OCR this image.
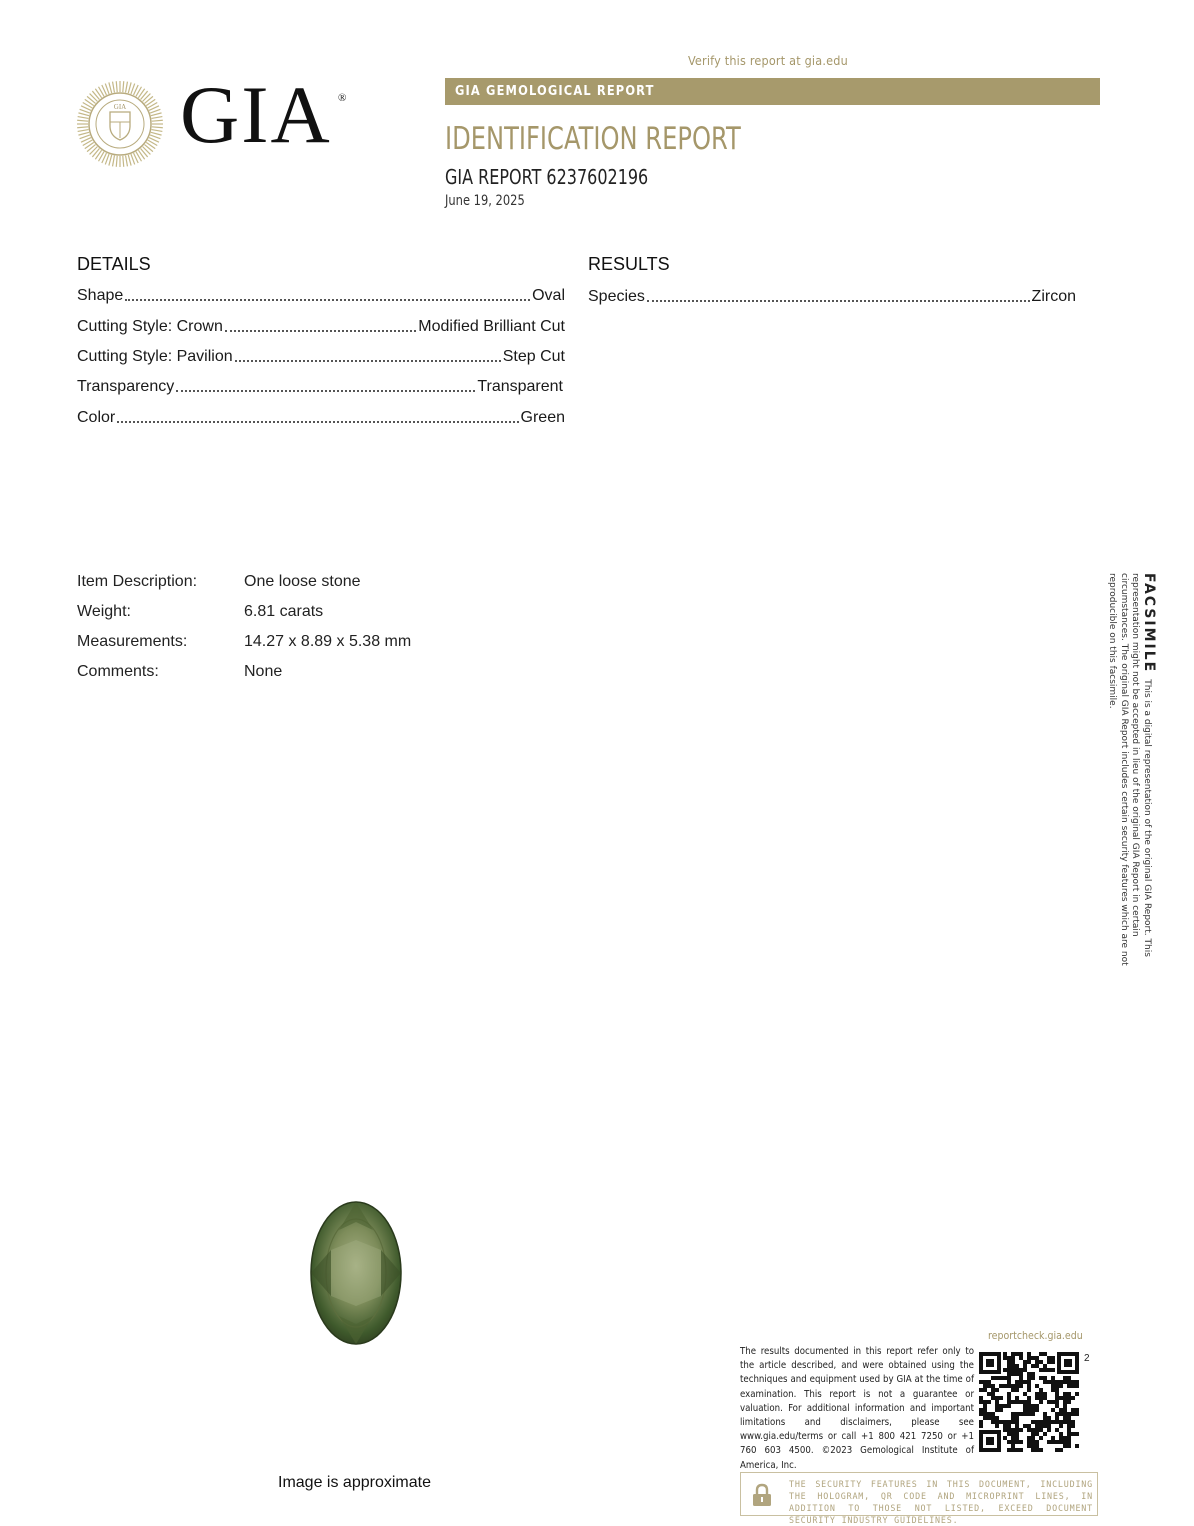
Verify this report at gia.edu
GIA GEMOLOGICAL REPORT
IDENTIFICATION REPORT
GIA REPORT 6237602196
June 19, 2025
GIA GIA ®
DETAILS
Shape	Oval
Cutting Style: Crown	Modified Brilliant Cut
Cutting Style: Pavilion	Step Cut
Transparency	Transparent
Color	Green
RESULTS
Species	Zircon
Item Description:	One loose stone
Weight:	6.81 carats
Measurements:	14.27 x 8.89 x 5.38 mm
Comments:	None	FACSIMILEThis is a digital representation of the original GIA Report. This representation might not be accepted in lieu of the original GIA Report in certain circumstances. The original GIA Report includes certain security features which are not reproducible on this facsimile.
Image is approximate
reportcheck.gia.edu
The results documented in this report refer only to the article described, and were obtained using the techniques and equipment used by GIA at the time of examination. This report is not a guarantee or valuation. For additional information and important limitations and disclaimers, please see www.gia.edu/terms or call +1 800 421 7250 or +1 760 603 4500. ©2023 Gemological Institute of America, Inc.
2
THE SECURITY FEATURES IN THIS DOCUMENT, INCLUDING THE HOLOGRAM, QR CODE AND MICROPRINT LINES, IN ADDITION TO THOSE NOT LISTED, EXCEED DOCUMENT SECURITY INDUSTRY GUIDELINES.
